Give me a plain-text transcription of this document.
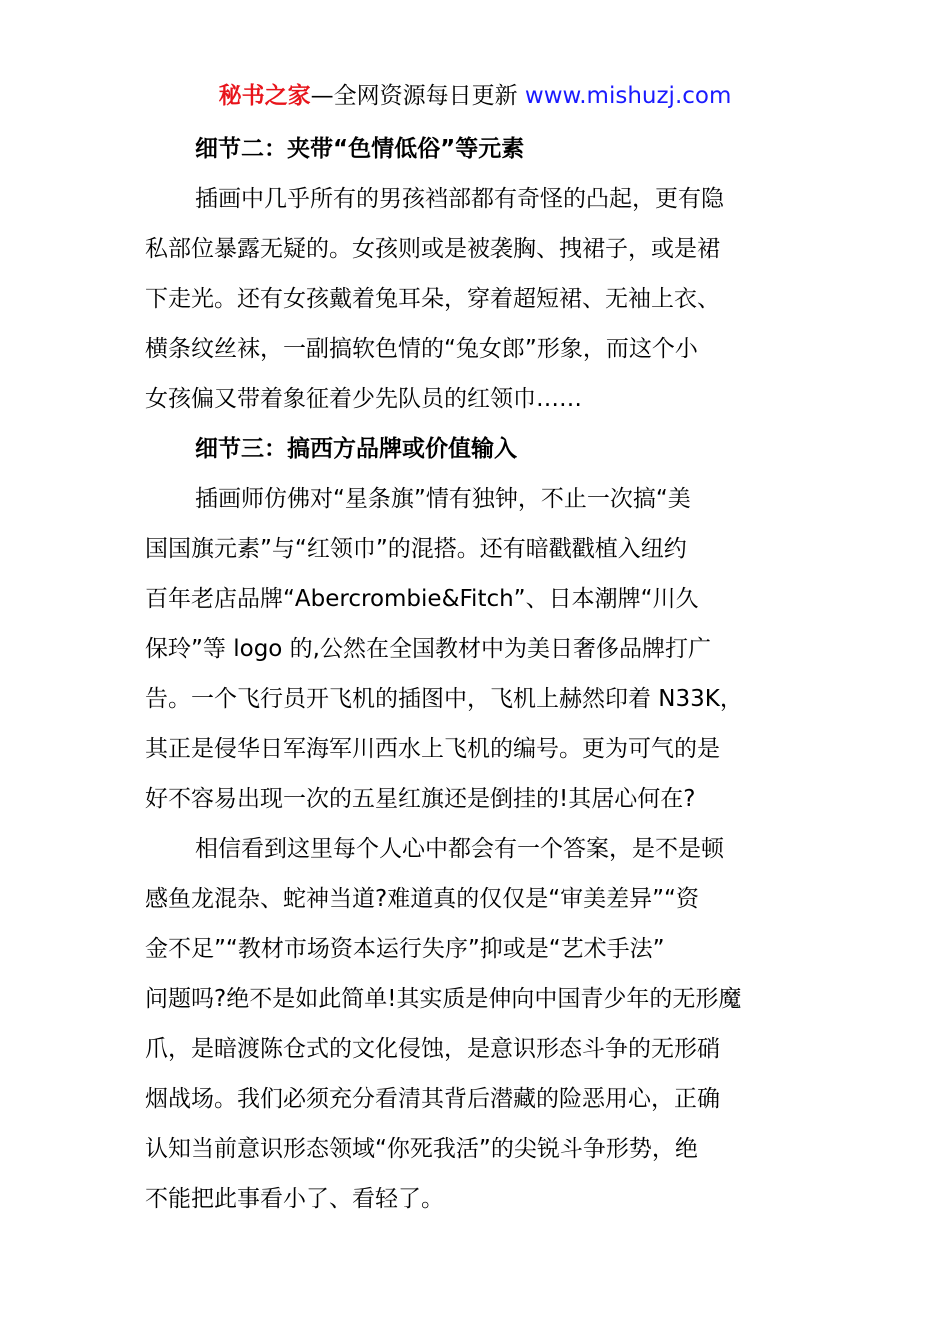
秘书之家—全网资源每日更新 www.mishuzj.com
细节二：夹带“色情低俗”等元素
插画中几乎所有的男孩裆部都有奇怪的凸起，更有隐
私部位暴露无疑的。女孩则或是被袭胸、拽裙子，或是裙
下走光。还有女孩戴着兔耳朵，穿着超短裙、无袖上衣、
横条纹丝袜，一副搞软色情的“兔女郎”形象，而这个小
女孩偏又带着象征着少先队员的红领巾……
细节三：搞西方品牌或价值输入
插画师仿佛对“星条旗”情有独钟，不止一次搞“美
国国旗元素”与“红领巾”的混搭。还有暗戳戳植入纽约
百年老店品牌“Abercrombie&Fitch”、日本潮牌“川久
保玲”等 logo 的,公然在全国教材中为美日奢侈品牌打广
告。一个飞行员开飞机的插图中，飞机上赫然印着 N33K，
其正是侵华日军海军川西水上飞机的编号。更为可气的是
好不容易出现一次的五星红旗还是倒挂的!其居心何在?
相信看到这里每个人心中都会有一个答案，是不是顿
感鱼龙混杂、蛇神当道?难道真的仅仅是“审美差异”“资
金不足”“教材市场资本运行失序”抑或是“艺术手法”
问题吗?绝不是如此简单!其实质是伸向中国青少年的无形魔
爪，是暗渡陈仓式的文化侵蚀，是意识形态斗争的无形硝
烟战场。我们必须充分看清其背后潜藏的险恶用心，正确
认知当前意识形态领域“你死我活”的尖锐斗争形势，绝
不能把此事看小了、看轻了。
